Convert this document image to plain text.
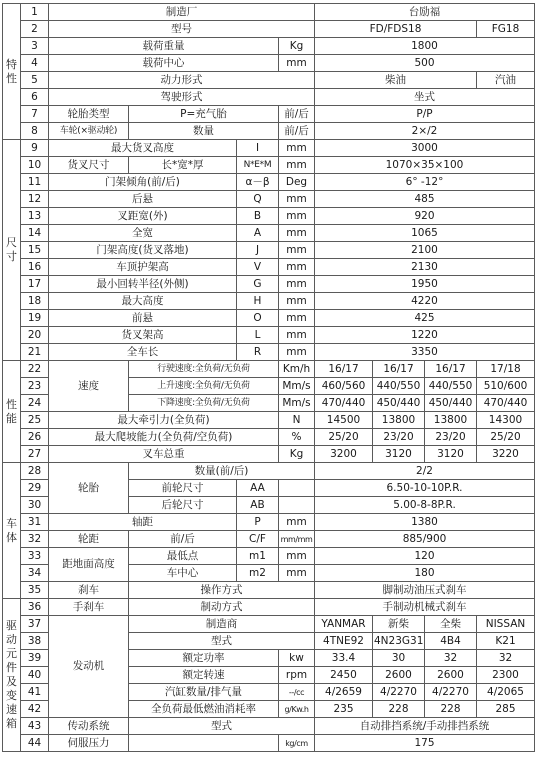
特性	1	制造厂				台励福			
	2	型号				FD/FDS18			FG18
	3	载荷重量			Kg	1800			
	4	载荷中心			mm	500			
	5	动力形式				柴油			汽油
	6	驾驶形式				坐式			
	7	轮胎类型	P=充气胎		前/后	P/P			
	8	车轮(×驱动轮)	数量		前/后	2×/2			
尺寸	9	最大货叉高度		I	mm	3000			
	10	货叉尺寸	长*宽*厚	N*E*M	mm	1070×35×100			
	11	门架倾角(前/后)		α－β	Deg	6° -12°			
	12	后悬		Q	mm	485			
	13	叉距宽(外)		B	mm	920			
	14	全宽		A	mm	1065			
	15	门架高度(货叉落地)		J	mm	2100			
	16	车顶护架高		V	mm	2130			
	17	最小回转半径(外侧)		G	mm	1950			
	18	最大高度		H	mm	4220			
	19	前悬		O	mm	425			
	20	货叉架高		L	mm	1220			
	21	全车长		R	mm	3350			
性能	22	速度	行驶速度:全负荷/无负荷		Km/h	16/17	16/17	16/17	17/18
	23		上升速度:全负荷/无负荷		Mm/s	460/560	440/550	440/550	510/600
	24		下降速度:全负荷/无负荷		Mm/s	470/440	450/440	450/440	470/440
	25	最大牵引力(全负荷)			N	14500	13800	13800	14300
	26	最大爬坡能力(全负荷/空负荷)			%	25/20	23/20	23/20	25/20
	27	叉车总重			Kg	3200	3120	3120	3220
车体	28	轮胎	数量(前/后)			2/2			
	29		前轮尺寸	AA		6.50-10-10P.R.			
	30		后轮尺寸	AB		5.00-8-8P.R.			
	31	轴距		P	mm	1380			
	32	轮距	前/后	C/F	mm/mm	885/900			
	33	距地面高度	最低点	m1	mm	120			
	34		车中心	m2	mm	180			
	35	刹车	操作方式			脚制动油压式刹车			
驱动元件及变速箱	36	手刹车	制动方式			手制动机械式刹车			
	37	发动机	制造商			YANMAR	新柴	全柴	NISSAN
	38		型式			4TNE92	4N23G31	4B4	K21
	39		额定功率		kw	33.4	30	32	32
	40		额定转速		rpm	2450	2600	2600	2300
	41		汽缸数量/排气量		--/cc	4/2659	4/2270	4/2270	4/2065
	42		全负荷最低燃油消耗率		g/Kw.h	235	228	228	285
	43	传动系统	型式			自动排挡系统/手动排挡系统			
	44	伺服压力			kg/cm	175			
